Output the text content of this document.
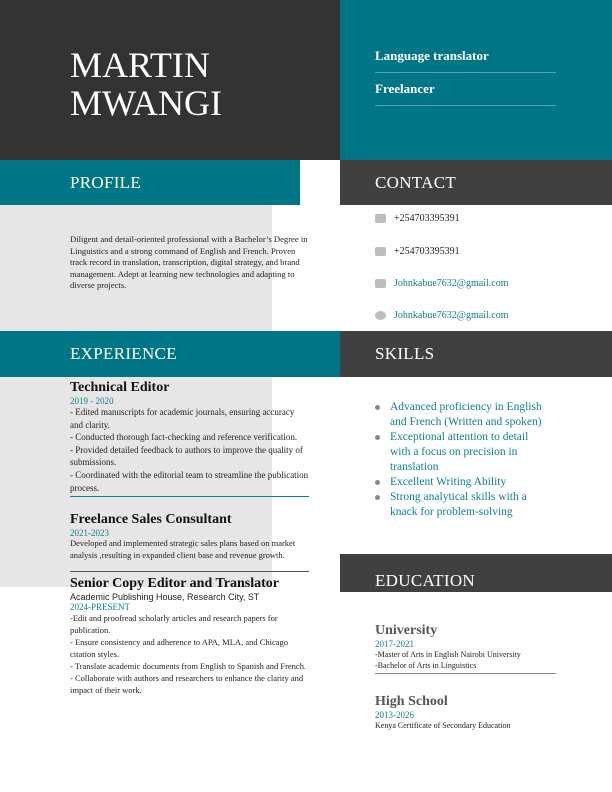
MARTIN
MWANGI
Language translator
Freelancer
PROFILE	CONTACT
Diligent and detail-oriented professional with a Bachelor’s Degree in Linguistics and a strong command of English and French. Proven track record in translation, transcription, digital strategy, and brand management. Adept at learning new technologies and adapting to diverse projects.
+254703395391
+254703395391
Johnkabue7632@gmail.com
Johnkabue7632@gmail.com
EXPERIENCE	SKILLS
Technical Editor
2019 - 2020
- Edited manuscripts for academic journals, ensuring accuracy and clarity.
- Conducted thorough fact-checking and reference verification.
- Provided detailed feedback to authors to improve the quality of submissions.
- Coordinated with the editorial team to streamline the publication process.
Freelance Sales Consultant
2021-2023
Developed and implemented strategic sales plans based on market analysis ,resulting in expanded client base and revenue growth.
Senior Copy Editor and Translator
Academic Publishing House, Research City, ST
2024-PRESENT
-Edit and proofread scholarly articles and research papers for publication.
- Ensure consistency and adherence to APA, MLA, and Chicago citation styles.
- Translate academic documents from English to Spanish and French.
- Collaborate with authors and researchers to enhance the clarity and impact of their work.
Advanced proficiency in English and French (Written and spoken)
Exceptional attention to detail with a focus on precision in translation
Excellent Writing Ability
Strong analytical skills with a knack for problem-solving
EDUCATION
University
2017-2021
-Master of Arts in English Nairobi University
-Bachelor of Arts in Linguistics
High School
2013-2026
Kenya Certificate of Secondary Education
